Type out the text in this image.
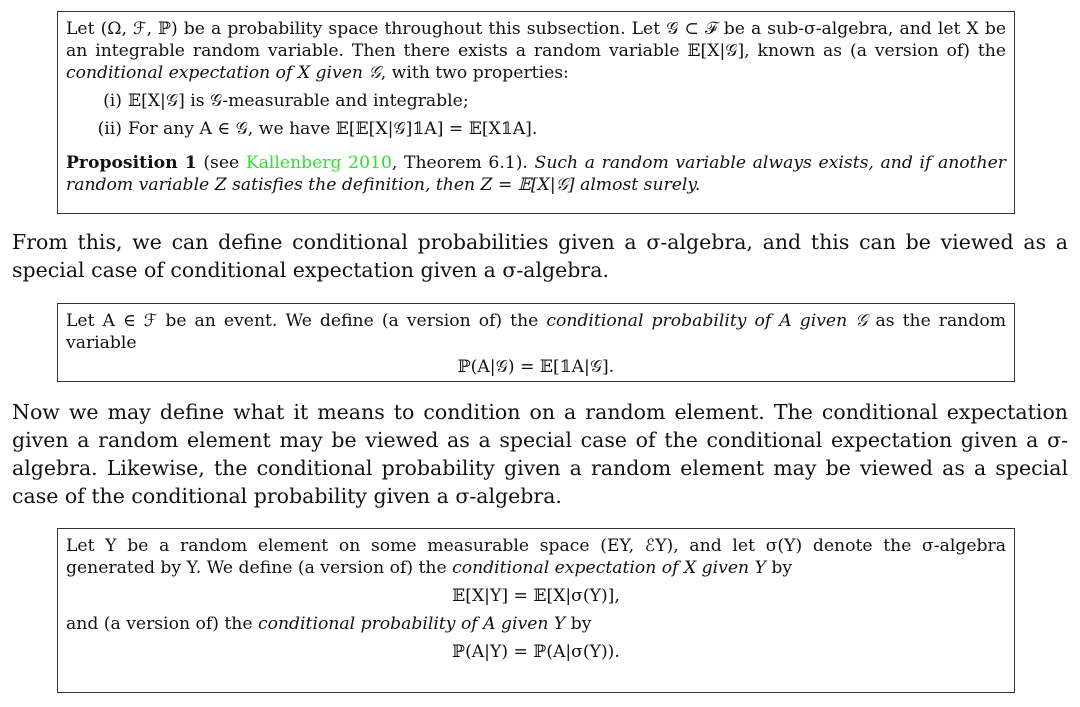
Let (Ω, ℱ, ℙ) be a probability space throughout this subsection. Let 𝒢 ⊂ ℱ be a sub-σ-algebra, and let X be an integrable random variable. Then there exists a random variable 𝔼[X|𝒢], known as (a version of) the conditional expectation of X given 𝒢, with two properties:
(i) 𝔼[X|𝒢] is 𝒢-measurable and integrable;
(ii) For any A ∈ 𝒢, we have 𝔼[𝔼[X|𝒢]𝟙A] = 𝔼[X𝟙A].
Proposition 1 (see Kallenberg 2010, Theorem 6.1). Such a random variable always exists, and if another random variable Z satisfies the definition, then Z = 𝔼[X|𝒢] almost surely.
From this, we can define conditional probabilities given a σ-algebra, and this can be viewed as a special case of conditional expectation given a σ-algebra.
Let A ∈ ℱ be an event. We define (a version of) the conditional probability of A given 𝒢 as the random variable
ℙ(A|𝒢) = 𝔼[𝟙A|𝒢].
Now we may define what it means to condition on a random element. The conditional expectation given a random element may be viewed as a special case of the conditional expectation given a σ-algebra. Likewise, the conditional probability given a random element may be viewed as a special case of the conditional probability given a σ-algebra.
Let Y be a random element on some measurable space (EY, ℰY), and let σ(Y) denote the σ-algebra generated by Y. We define (a version of) the conditional expectation of X given Y by
𝔼[X|Y] = 𝔼[X|σ(Y)],
and (a version of) the conditional probability of A given Y by
ℙ(A|Y) = ℙ(A|σ(Y)).
